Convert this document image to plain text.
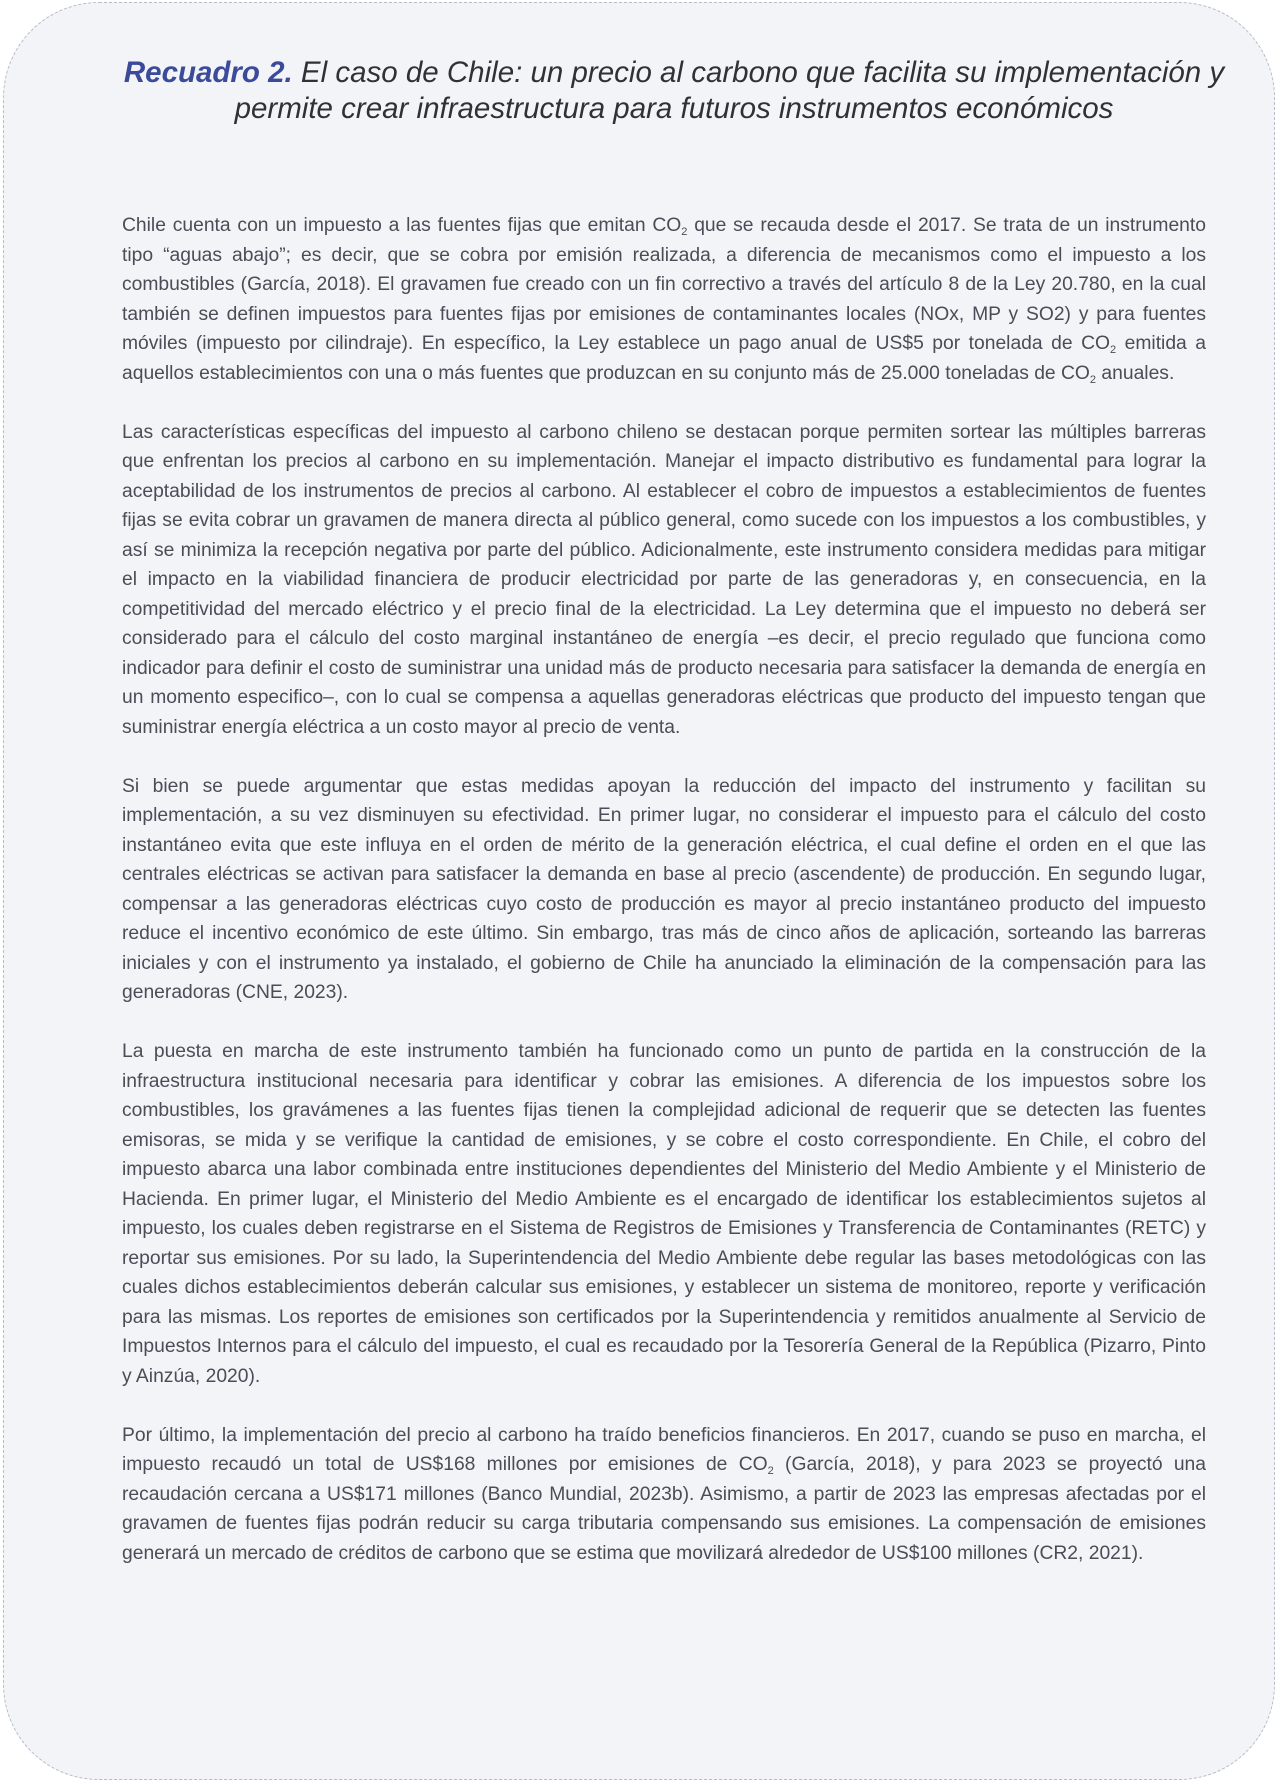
Recuadro 2. El caso de Chile: un precio al carbono que facilita su implementación y permite crear infraestructura para futuros instrumentos económicos

Chile cuenta con un impuesto a las fuentes fijas que emitan $CO_2$ que se recauda desde el 2017. Se trata de un instrumento tipo “aguas abajo”; es decir, que se cobra por emisión realizada, a diferencia de mecanismos como el impuesto a los combustibles (García, 2018). El gravamen fue creado con un fin correctivo a través del artículo 8 de la Ley 20.780, en la cual también se definen impuestos para fuentes fijas por emisiones de contaminantes locales (NOx, MP y SO2) y para fuentes móviles (impuesto por cilindraje). En específico, la Ley establece un pago anual de US$5 por tonelada de $CO_2$ emitida a aquellos establecimientos con una o más fuentes que produzcan en su conjunto más de 25.000 toneladas de $CO_2$ anuales.

Las características específicas del impuesto al carbono chileno se destacan porque permiten sortear las múltiples barreras que enfrentan los precios al carbono en su implementación. Manejar el impacto distributivo es fundamental para lograr la aceptabilidad de los instrumentos de precios al carbono. Al establecer el cobro de impuestos a establecimientos de fuentes fijas se evita cobrar un gravamen de manera directa al público general, como sucede con los impuestos a los combustibles, y así se minimiza la recepción negativa por parte del público. Adicionalmente, este instrumento considera medidas para mitigar el impacto en la viabilidad financiera de producir electricidad por parte de las generadoras y, en consecuencia, en la competitividad del mercado eléctrico y el precio final de la electricidad. La Ley determina que el impuesto no deberá ser considerado para el cálculo del costo marginal instantáneo de energía –es decir, el precio regulado que funciona como indicador para definir el costo de suministrar una unidad más de producto necesaria para satisfacer la demanda de energía en un momento especifico–, con lo cual se compensa a aquellas generadoras eléctricas que producto del impuesto tengan que suministrar energía eléctrica a un costo mayor al precio de venta.

Si bien se puede argumentar que estas medidas apoyan la reducción del impacto del instrumento y facilitan su implementación, a su vez disminuyen su efectividad. En primer lugar, no considerar el impuesto para el cálculo del costo instantáneo evita que este influya en el orden de mérito de la generación eléctrica, el cual define el orden en el que las centrales eléctricas se activan para satisfacer la demanda en base al precio (ascendente) de producción. En segundo lugar, compensar a las generadoras eléctricas cuyo costo de producción es mayor al precio instantáneo producto del impuesto reduce el incentivo económico de este último. Sin embargo, tras más de cinco años de aplicación, sorteando las barreras iniciales y con el instrumento ya instalado, el gobierno de Chile ha anunciado la eliminación de la compensación para las generadoras (CNE, 2023).

La puesta en marcha de este instrumento también ha funcionado como un punto de partida en la construcción de la infraestructura institucional necesaria para identificar y cobrar las emisiones. A diferencia de los impuestos sobre los combustibles, los gravámenes a las fuentes fijas tienen la complejidad adicional de requerir que se detecten las fuentes emisoras, se mida y se verifique la cantidad de emisiones, y se cobre el costo correspondiente. En Chile, el cobro del impuesto abarca una labor combinada entre instituciones dependientes del Ministerio del Medio Ambiente y el Ministerio de Hacienda. En primer lugar, el Ministerio del Medio Ambiente es el encargado de identificar los establecimientos sujetos al impuesto, los cuales deben registrarse en el Sistema de Registros de Emisiones y Transferencia de Contaminantes (RETC) y reportar sus emisiones. Por su lado, la Superintendencia del Medio Ambiente debe regular las bases metodológicas con las cuales dichos establecimientos deberán calcular sus emisiones, y establecer un sistema de monitoreo, reporte y verificación para las mismas. Los reportes de emisiones son certificados por la Superintendencia y remitidos anualmente al Servicio de Impuestos Internos para el cálculo del impuesto, el cual es recaudado por la Tesorería General de la República (Pizarro, Pinto y Ainzúa, 2020).

Por último, la implementación del precio al carbono ha traído beneficios financieros. En 2017, cuando se puso en marcha, el impuesto recaudó un total de US$168 millones por emisiones de $CO_2$ (García, 2018), y para 2023 se proyectó una recaudación cercana a US$171 millones (Banco Mundial, 2023b). Asimismo, a partir de 2023 las empresas afectadas por el gravamen de fuentes fijas podrán reducir su carga tributaria compensando sus emisiones. La compensación de emisiones generará un mercado de créditos de carbono que se estima que movilizará alrededor de US$100 millones (CR2, 2021).
